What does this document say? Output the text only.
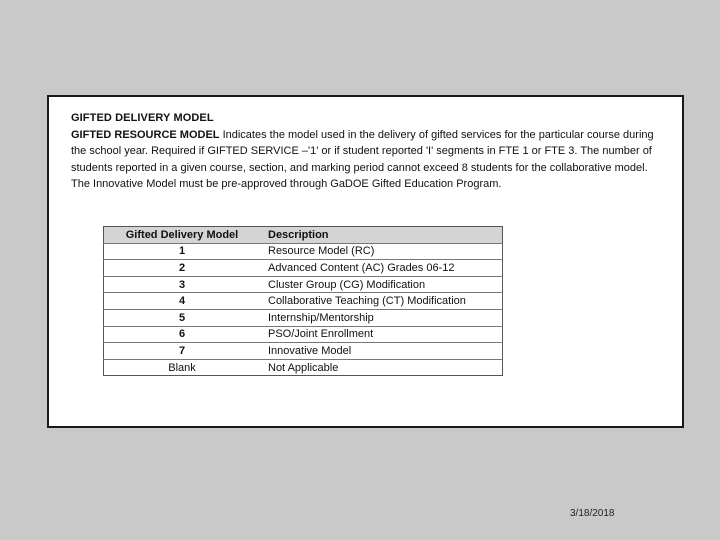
GIFTED DELIVERY MODEL

GIFTED RESOURCE MODEL Indicates the model used in the delivery of gifted services for the particular course during the school year. Required if GIFTED SERVICE –'1' or if student reported 'I' segments in FTE 1 or FTE 3. The number of students reported in a given course, section, and marking period cannot exceed 8 students for the collaborative model. The Innovative Model must be pre-approved through GaDOE Gifted Education Program.

Gifted Delivery Model	Description
1	Resource Model (RC)
2	Advanced Content (AC) Grades 06-12
3	Cluster Group (CG) Modification
4	Collaborative Teaching (CT) Modification
5	Internship/Mentorship
6	PSO/Joint Enrollment
7	Innovative Model
Blank	Not Applicable
3/18/2018
